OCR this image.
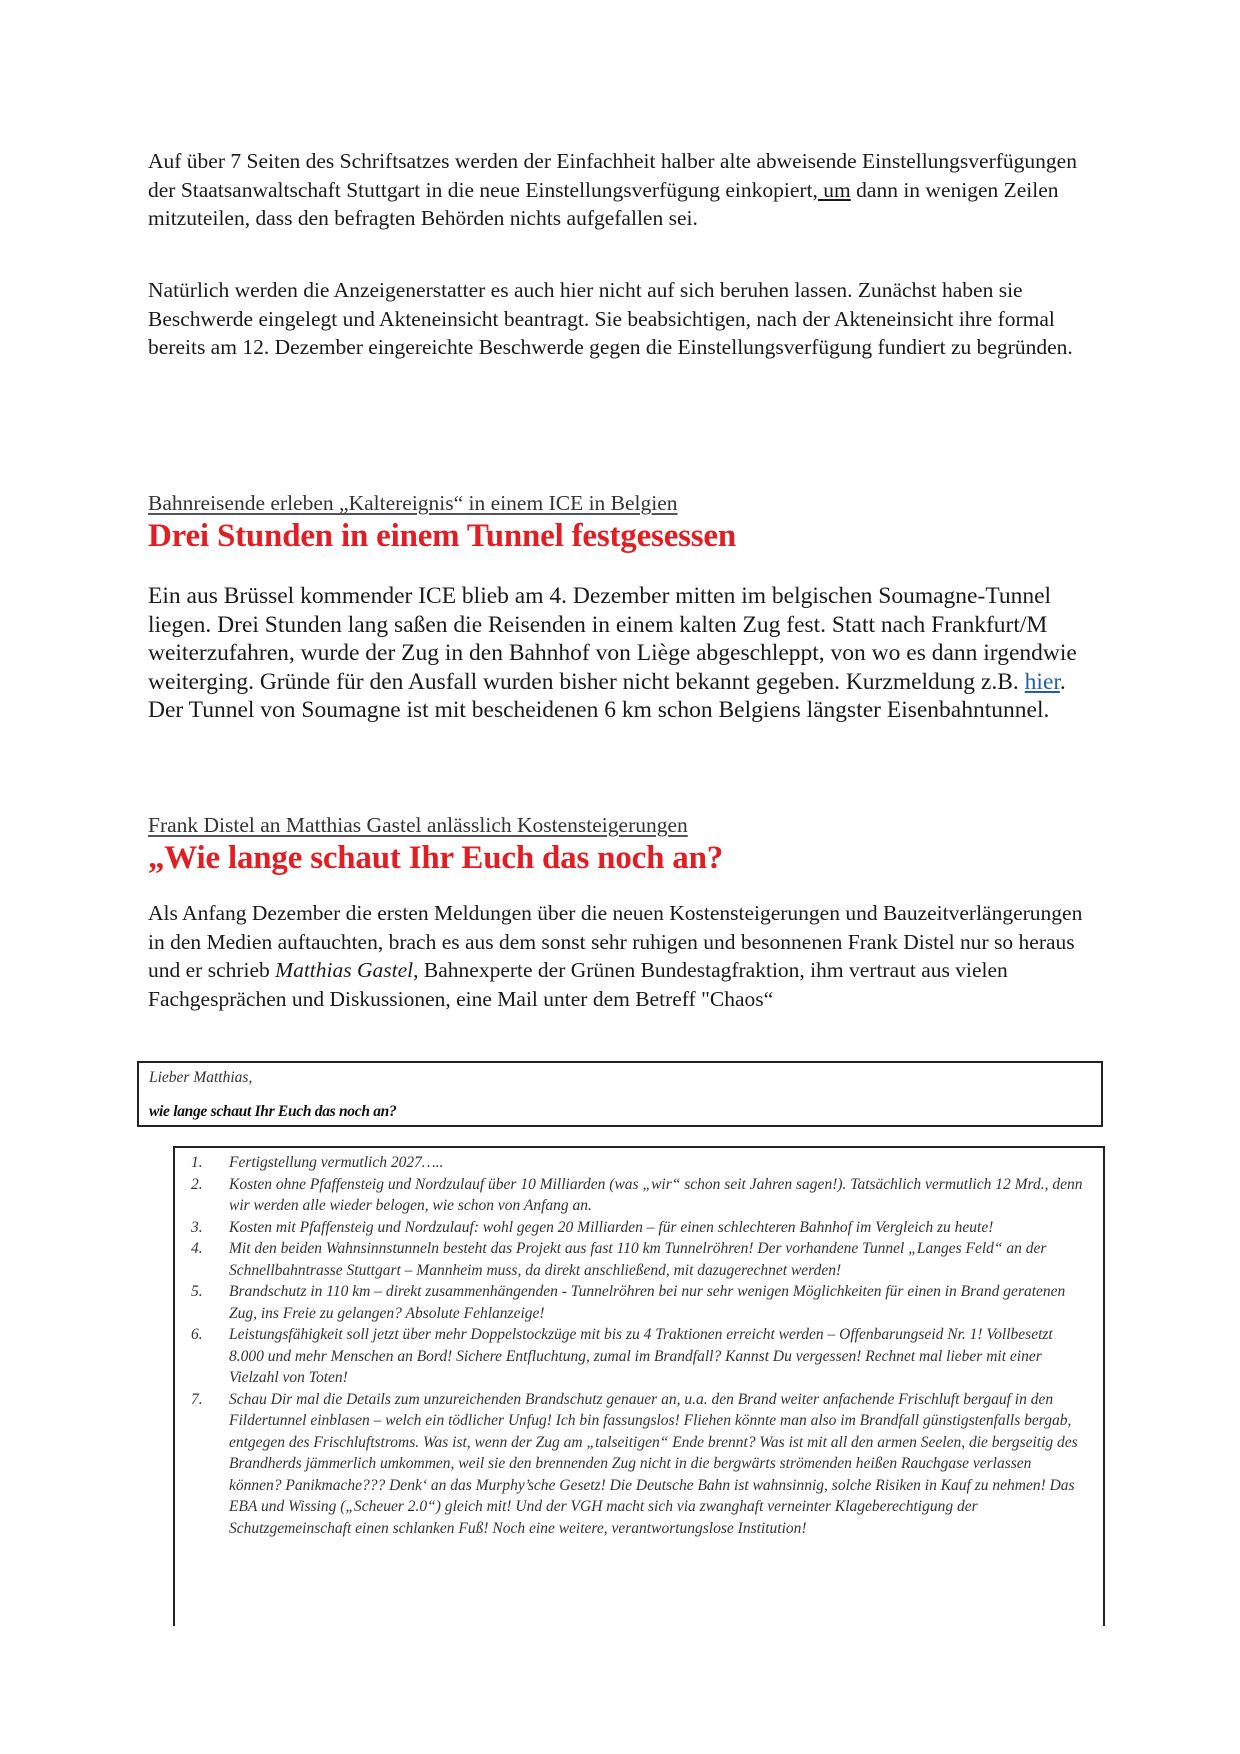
Auf über 7 Seiten des Schriftsatzes werden der Einfachheit halber alte abweisende Einstellungsverfügungen der Staatsanwaltschaft Stuttgart in die neue Einstellungsverfügung einkopiert, um dann in wenigen Zeilen mitzuteilen, dass den befragten Behörden nichts aufgefallen sei.

Natürlich werden die Anzeigenerstatter es auch hier nicht auf sich beruhen lassen. Zunächst haben sie Beschwerde eingelegt und Akteneinsicht beantragt. Sie beabsichtigen, nach der Akteneinsicht ihre formal bereits am 12. Dezember eingereichte Beschwerde gegen die Einstellungsverfügung fundiert zu begründen.

Bahnreisende erleben „Kaltereignis“ in einem ICE in Belgien
Drei Stunden in einem Tunnel festgesessen

Ein aus Brüssel kommender ICE blieb am 4. Dezember mitten im belgischen Soumagne-Tunnel liegen. Drei Stunden lang saßen die Reisenden in einem kalten Zug fest. Statt nach Frankfurt/M weiterzufahren, wurde der Zug in den Bahnhof von Liège abgeschleppt, von wo es dann irgendwie weiterging. Gründe für den Ausfall wurden bisher nicht bekannt gegeben. Kurzmeldung z.B. hier. Der Tunnel von Soumagne ist mit bescheidenen 6 km schon Belgiens längster Eisenbahntunnel.

Frank Distel an Matthias Gastel anlässlich Kostensteigerungen
„Wie lange schaut Ihr Euch das noch an?

Als Anfang Dezember die ersten Meldungen über die neuen Kostensteigerungen und Bauzeitverlängerungen in den Medien auftauchten, brach es aus dem sonst sehr ruhigen und besonnenen Frank Distel nur so heraus und er schrieb Matthias Gastel, Bahnexperte der Grünen Bundestagfraktion, ihm vertraut aus vielen Fachgesprächen und Diskussionen, eine Mail unter dem Betreff "Chaos“

Lieber Matthias,
wie lange schaut Ihr Euch das noch an?
1.	Fertigstellung vermutlich 2027…..
2.	Kosten ohne Pfaffensteig und Nordzulauf über 10 Milliarden (was „wir“ schon seit Jahren sagen!). Tatsächlich vermutlich 12 Mrd., denn wir werden alle wieder belogen, wie schon von Anfang an.
3.	Kosten mit Pfaffensteig und Nordzulauf: wohl gegen 20 Milliarden – für einen schlechteren Bahnhof im Vergleich zu heute!
4.	Mit den beiden Wahnsinnstunneln besteht das Projekt aus fast 110 km Tunnelröhren! Der vorhandene Tunnel „Langes Feld“ an der Schnellbahntrasse Stuttgart – Mannheim muss, da direkt anschließend, mit dazugerechnet werden!
5.	Brandschutz in 110 km – direkt zusammenhängenden - Tunnelröhren bei nur sehr wenigen Möglichkeiten für einen in Brand geratenen Zug, ins Freie zu gelangen? Absolute Fehlanzeige!
6.	Leistungsfähigkeit soll jetzt über mehr Doppelstockzüge mit bis zu 4 Traktionen erreicht werden – Offenbarungseid Nr. 1! Vollbesetzt 8.000 und mehr Menschen an Bord! Sichere Entfluchtung, zumal im Brandfall? Kannst Du vergessen! Rechnet mal lieber mit einer Vielzahl von Toten!
7.	Schau Dir mal die Details zum unzureichenden Brandschutz genauer an, u.a. den Brand weiter anfachende Frischluft bergauf in den Fildertunnel einblasen – welch ein tödlicher Unfug! Ich bin fassungslos! Fliehen könnte man also im Brandfall günstigstenfalls bergab, entgegen des Frischluftstroms. Was ist, wenn der Zug am „talseitigen“ Ende brennt? Was ist mit all den armen Seelen, die bergseitig des Brandherds jämmerlich umkommen, weil sie den brennenden Zug nicht in die bergwärts strömenden heißen Rauchgase verlassen können? Panikmache??? Denk‘ an das Murphy’sche Gesetz! Die Deutsche Bahn ist wahnsinnig, solche Risiken in Kauf zu nehmen! Das EBA und Wissing („Scheuer 2.0“) gleich mit! Und der VGH macht sich via zwanghaft verneinter Klageberechtigung der Schutzgemeinschaft einen schlanken Fuß! Noch eine weitere, verantwortungslose Institution!
